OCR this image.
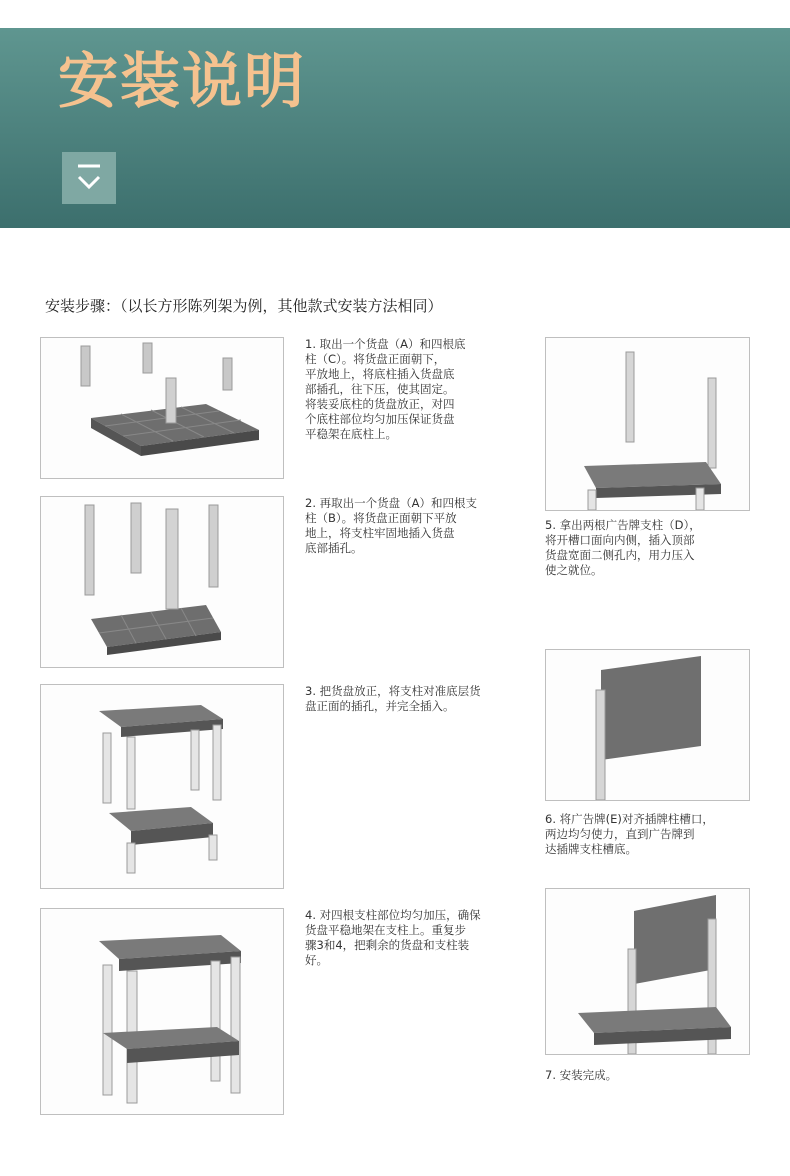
安装说明
安装步骤：（以长方形陈列架为例，其他款式安装方法相同）
1. 取出一个货盘（A）和四根底
柱（C）。将货盘正面朝下，
平放地上，将底柱插入货盘底
部插孔，往下压，使其固定。
将装妥底柱的货盘放正，对四
个底柱部位均匀加压保证货盘
平稳架在底柱上。
2. 再取出一个货盘（A）和四根支
柱（B）。将货盘正面朝下平放
地上，将支柱牢固地插入货盘
底部插孔。
3. 把货盘放正，将支柱对准底层货
盘正面的插孔，并完全插入。
4. 对四根支柱部位均匀加压，确保
货盘平稳地架在支柱上。重复步
骤3和4，把剩余的货盘和支柱装
好。
5. 拿出两根广告牌支柱（D），
将开槽口面向内侧，插入顶部
货盘宽面二侧孔内，用力压入
使之就位。
6. 将广告牌(E)对齐插牌柱槽口，
两边均匀使力，直到广告牌到
达插牌支柱槽底。
7. 安装完成。
